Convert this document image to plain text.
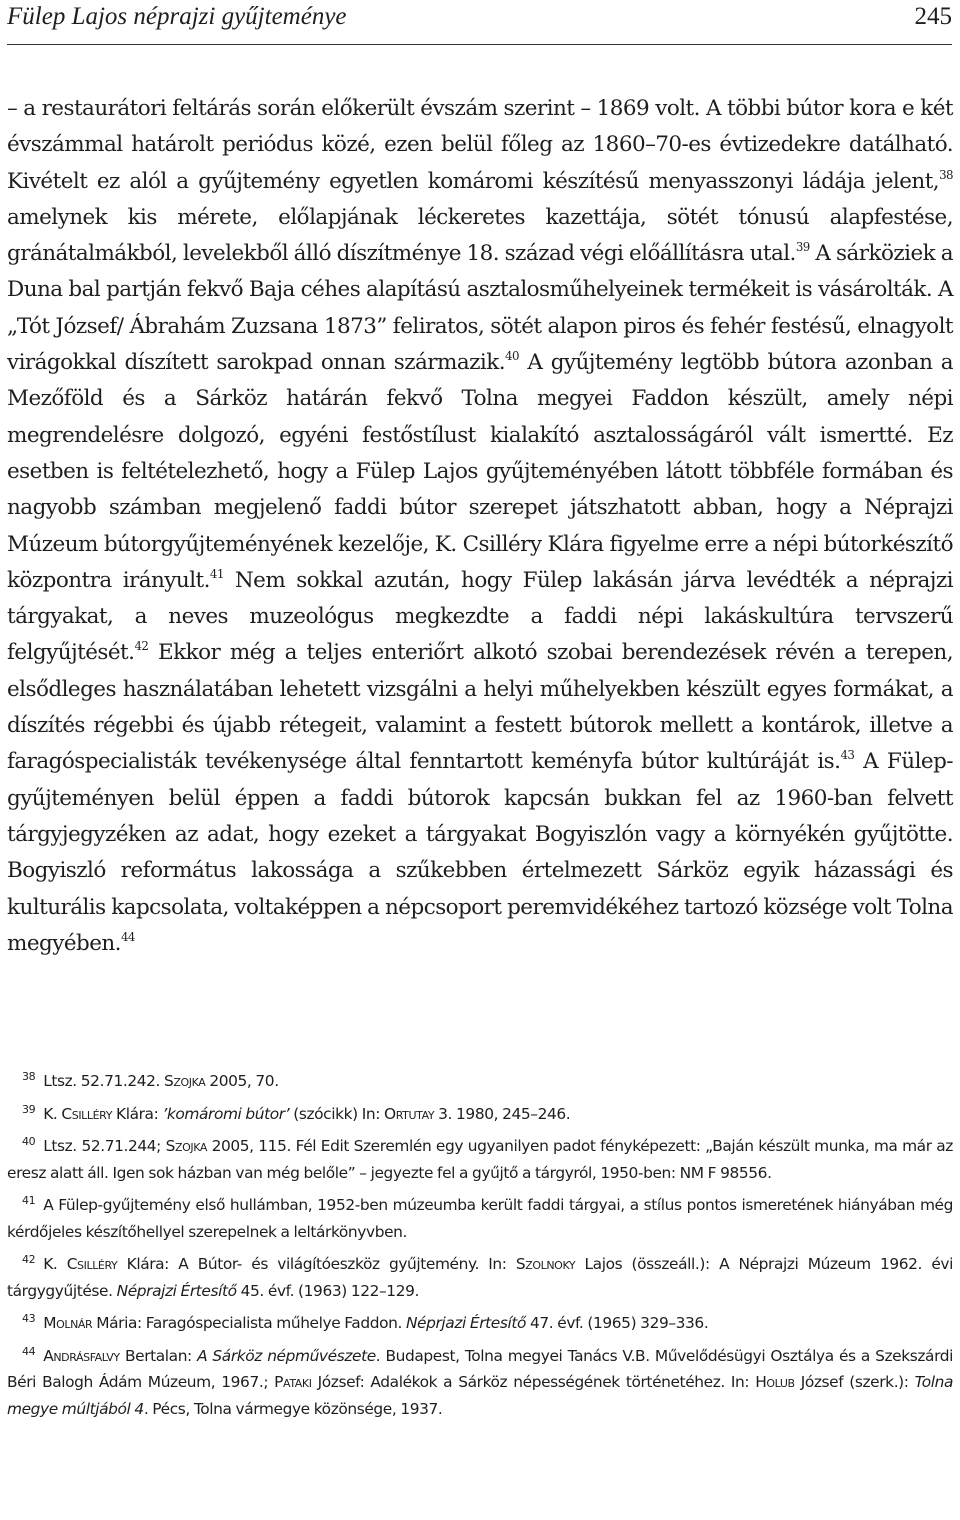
Fülep Lajos néprajzi gyűjteménye	245

– a restaurátori feltárás során előkerült évszám szerint – 1869 volt. A többi bútor kora e két évszámmal határolt periódus közé, ezen belül főleg az 1860–70-es évtizedekre datálható. Kivételt ez alól a gyűjtemény egyetlen komáromi készítésű menyasszonyi ládája jelent,$^{38}$ amelynek kis mérete, előlapjának léckeretes kazettája, sötét tónusú alapfestése, gránátalmákból, levelekből álló díszítménye 18. század végi előállításra utal.$^{39}$ A sárköziek a Duna bal partján fekvő Baja céhes alapítású asztalosműhelyeinek termékeit is vásárolták. A „Tót József/ Ábrahám Zuzsana 1873” feliratos, sötét alapon piros és fehér festésű, elnagyolt virágokkal díszített sarokpad onnan származik.$^{40}$ A gyűjtemény legtöbb bútora azonban a Mezőföld és a Sárköz határán fekvő Tolna megyei Faddon készült, amely népi megrendelésre dolgozó, egyéni festőstílust kialakító asztalosságáról vált ismertté. Ez esetben is feltételezhető, hogy a Fülep Lajos gyűjteményében látott többféle formában és nagyobb számban megjelenő faddi bútor szerepet játszhatott abban, hogy a Néprajzi Múzeum bútorgyűjteményének kezelője, K. Csilléry Klára figyelme erre a népi bútorkészítő központra irányult.$^{41}$ Nem sokkal azután, hogy Fülep lakásán járva levédték a néprajzi tárgyakat, a neves muzeológus megkezdte a faddi népi lakáskultúra tervszerű felgyűjtését.$^{42}$ Ekkor még a teljes enteriőrt alkotó szobai berendezések révén a terepen, elsődleges használatában lehetett vizsgálni a helyi műhelyekben készült egyes formákat, a díszítés régebbi és újabb rétegeit, valamint a festett bútorok mellett a kontárok, illetve a faragóspecialisták tevékenysége által fenntartott keményfa bútor kultúráját is.$^{43}$ A Fülep-gyűjteményen belül éppen a faddi bútorok kapcsán bukkan fel az 1960-ban felvett tárgyjegyzéken az adat, hogy ezeket a tárgyakat Bogyiszlón vagy a környékén gyűjtötte. Bogyiszló református lakossága a szűkebben értelmezett Sárköz egyik házassági és kulturális kapcsolata, voltaképpen a népcsoport peremvidékéhez tartozó községe volt Tolna megyében.$^{44}$

38 Ltsz. 52.71.242. Szojka 2005, 70.

39 K. Csilléry Klára: ’komáromi bútor’ (szócikk) In: Ortutay 3. 1980, 245–246.

40 Ltsz. 52.71.244; Szojka 2005, 115. Fél Edit Szeremlén egy ugyanilyen padot fényképezett: „Baján készült munka, ma már az eresz alatt áll. Igen sok házban van még belőle” – jegyezte fel a gyűjtő a tárgyról, 1950-ben: NM F 98556.

41 A Fülep-gyűjtemény első hullámban, 1952-ben múzeumba került faddi tárgyai, a stílus pontos ismeretének hiányában még kérdőjeles készítőhellyel szerepelnek a leltárkönyvben.

42 K. Csilléry Klára: A Bútor- és világítóeszköz gyűjtemény. In: Szolnoky Lajos (összeáll.): A Néprajzi Múzeum 1962. évi tárgygyűjtése. Néprajzi Értesítő 45. évf. (1963) 122–129.

43 Molnár Mária: Faragóspecialista műhelye Faddon. Néprjazi Értesítő 47. évf. (1965) 329–336.

44 Andrásfalvy Bertalan: A Sárköz népművészete. Budapest, Tolna megyei Tanács V.B. Művelődésügyi Osztálya és a Szekszárdi Béri Balogh Ádám Múzeum, 1967.; Pataki József: Adalékok a Sárköz népességének történetéhez. In: Holub József (szerk.): Tolna megye múltjából 4. Pécs, Tolna vármegye közönsége, 1937.
